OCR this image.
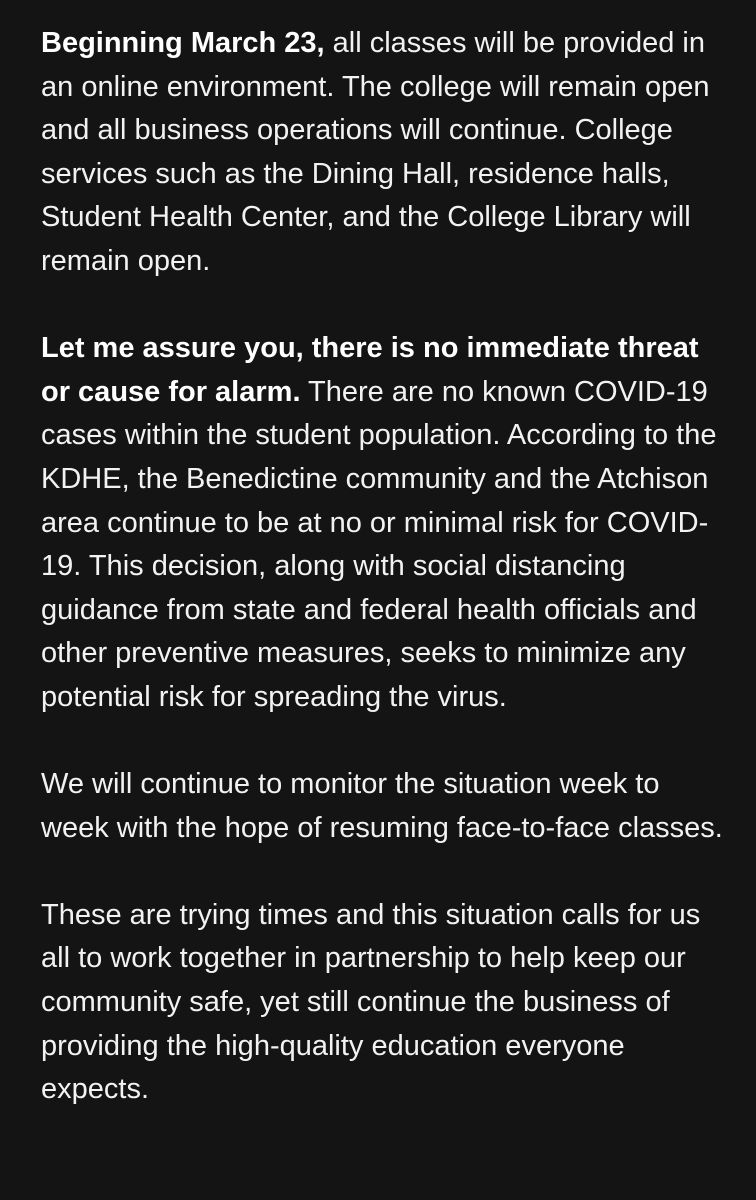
Beginning March 23, all classes will be provided in an online environment. The college will remain open and all business operations will continue. College services such as the Dining Hall, residence halls, Student Health Center, and the College Library will remain open.

Let me assure you, there is no immediate threat or cause for alarm. There are no known COVID-19 cases within the student population. According to the KDHE, the Benedictine community and the Atchison area continue to be at no or minimal risk for COVID-19. This decision, along with social distancing guidance from state and federal health officials and other preventive measures, seeks to minimize any potential risk for spreading the virus.

We will continue to monitor the situation week to week with the hope of resuming face-to-face classes.

These are trying times and this situation calls for us all to work together in partnership to help keep our community safe, yet still continue the business of providing the high-quality education everyone expects.
